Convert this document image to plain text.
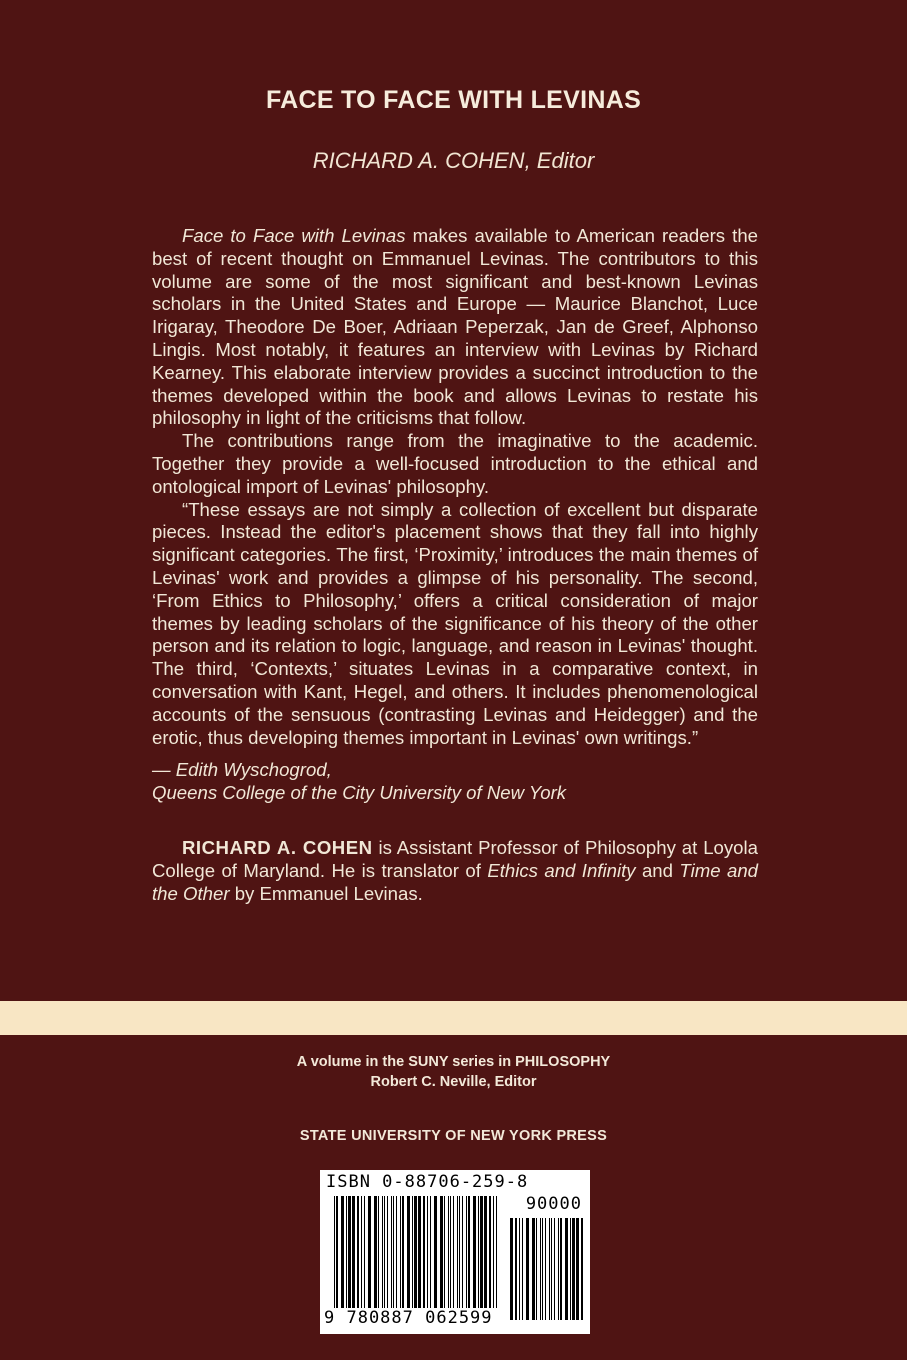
FACE TO FACE WITH LEVINAS
RICHARD A. COHEN, Editor

Face to Face with Levinas makes available to American readers the best of recent thought on Emmanuel Levinas. The contributors to this volume are some of the most significant and best-known Levinas scholars in the United States and Europe — Maurice Blanchot, Luce Irigaray, Theodore De Boer, Adriaan Peperzak, Jan de Greef, Alphonso Lingis. Most notably, it features an interview with Levinas by Richard Kearney. This elaborate interview provides a succinct introduction to the themes developed within the book and allows Levinas to restate his philosophy in light of the criticisms that follow.

The contributions range from the imaginative to the academic. Together they provide a well-focused introduction to the ethical and ontological import of Levinas' philosophy.

“These essays are not simply a collection of excellent but disparate pieces. Instead the editor's placement shows that they fall into highly significant categories. The first, ‘Proximity,’ introduces the main themes of Levinas' work and provides a glimpse of his personality. The second, ‘From Ethics to Philosophy,’ offers a critical consideration of major themes by leading scholars of the significance of his theory of the other person and its relation to logic, language, and reason in Levinas' thought. The third, ‘Contexts,’ situates Levinas in a comparative context, in conversation with Kant, Hegel, and others. It includes phenomenological accounts of the sensuous (contrasting Levinas and Heidegger) and the erotic, thus developing themes important in Levinas' own writings.”

— Edith Wyschogrod,
Queens College of the City University of New York

RICHARD A. COHEN is Assistant Professor of Philosophy at Loyola College of Maryland. He is translator of Ethics and Infinity and Time and the Other by Emmanuel Levinas.

A volume in the SUNY series in PHILOSOPHY
Robert C. Neville, Editor
STATE UNIVERSITY OF NEW YORK PRESS
ISBN 0-88706-259-8
90000
9 780887 062599
